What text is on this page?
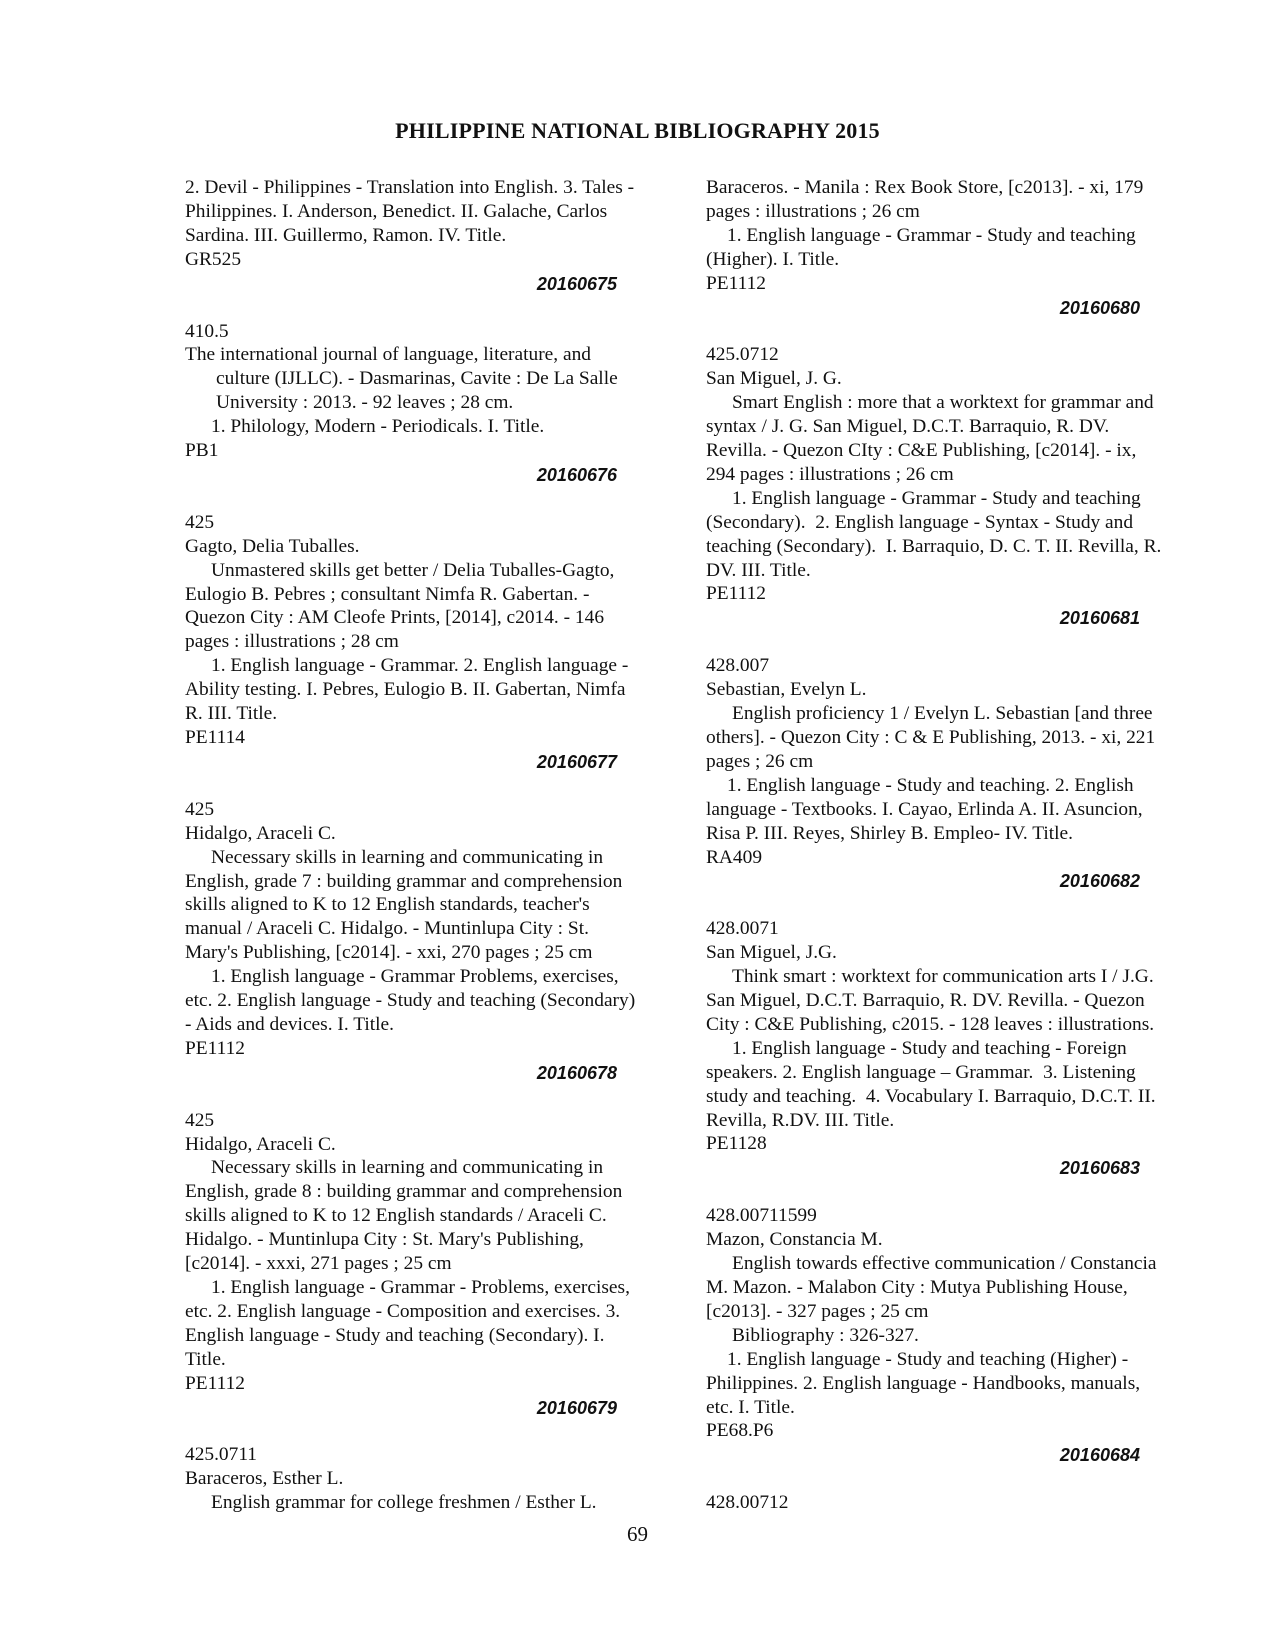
PHILIPPINE NATIONAL BIBLIOGRAPHY 2015
2. Devil - Philippines - Translation into English. 3. Tales -
Philippines. I. Anderson, Benedict. II. Galache, Carlos
Sardina. III. Guillermo, Ramon. IV. Title.
GR525
20160675
410.5
The international journal of language, literature, and
culture (IJLLC). - Dasmarinas, Cavite : De La Salle
University : 2013. - 92 leaves ; 28 cm.
1. Philology, Modern - Periodicals. I. Title.
PB1
20160676
425
Gagto, Delia Tuballes.
Unmastered skills get better / Delia Tuballes-Gagto,
Eulogio B. Pebres ; consultant Nimfa R. Gabertan. -
Quezon City : AM Cleofe Prints, [2014], c2014. - 146
pages : illustrations ; 28 cm
1. English language - Grammar. 2. English language -
Ability testing. I. Pebres, Eulogio B. II. Gabertan, Nimfa
R. III. Title.
PE1114
20160677
425
Hidalgo, Araceli C.
Necessary skills in learning and communicating in
English, grade 7 : building grammar and comprehension
skills aligned to K to 12 English standards, teacher's
manual / Araceli C. Hidalgo. - Muntinlupa City : St.
Mary's Publishing, [c2014]. - xxi, 270 pages ; 25 cm
1. English language - Grammar Problems, exercises,
etc. 2. English language - Study and teaching (Secondary)
- Aids and devices. I. Title.
PE1112
20160678
425
Hidalgo, Araceli C.
Necessary skills in learning and communicating in
English, grade 8 : building grammar and comprehension
skills aligned to K to 12 English standards / Araceli C.
Hidalgo. - Muntinlupa City : St. Mary's Publishing,
[c2014]. - xxxi, 271 pages ; 25 cm
1. English language - Grammar - Problems, exercises,
etc. 2. English language - Composition and exercises. 3.
English language - Study and teaching (Secondary). I.
Title.
PE1112
20160679
425.0711
Baraceros, Esther L.
English grammar for college freshmen / Esther L.
Baraceros. - Manila : Rex Book Store, [c2013]. - xi, 179
pages : illustrations ; 26 cm
1. English language - Grammar - Study and teaching
(Higher). I. Title.
PE1112
20160680
425.0712
San Miguel, J. G.
Smart English : more that a worktext for grammar and
syntax / J. G. San Miguel, D.C.T. Barraquio, R. DV.
Revilla. - Quezon CIty : C&E Publishing, [c2014]. - ix,
294 pages : illustrations ; 26 cm
1. English language - Grammar - Study and teaching
(Secondary).  2. English language - Syntax - Study and
teaching (Secondary).  I. Barraquio, D. C. T. II. Revilla, R.
DV. III. Title.
PE1112
20160681
428.007
Sebastian, Evelyn L.
English proficiency 1 / Evelyn L. Sebastian [and three
others]. - Quezon City : C & E Publishing, 2013. - xi, 221
pages ; 26 cm
1. English language - Study and teaching. 2. English
language - Textbooks. I. Cayao, Erlinda A. II. Asuncion,
Risa P. III. Reyes, Shirley B. Empleo- IV. Title.
RA409
20160682
428.0071
San Miguel, J.G.
Think smart : worktext for communication arts I / J.G.
San Miguel, D.C.T. Barraquio, R. DV. Revilla. - Quezon
City : C&E Publishing, c2015. - 128 leaves : illustrations.
1. English language - Study and teaching - Foreign
speakers. 2. English language – Grammar.  3. Listening
study and teaching.  4. Vocabulary I. Barraquio, D.C.T. II.
Revilla, R.DV. III. Title.
PE1128
20160683
428.00711599
Mazon, Constancia M.
English towards effective communication / Constancia
M. Mazon. - Malabon City : Mutya Publishing House,
[c2013]. - 327 pages ; 25 cm
Bibliography : 326-327.
1. English language - Study and teaching (Higher) -
Philippines. 2. English language - Handbooks, manuals,
etc. I. Title.
PE68.P6
20160684
428.00712
69
